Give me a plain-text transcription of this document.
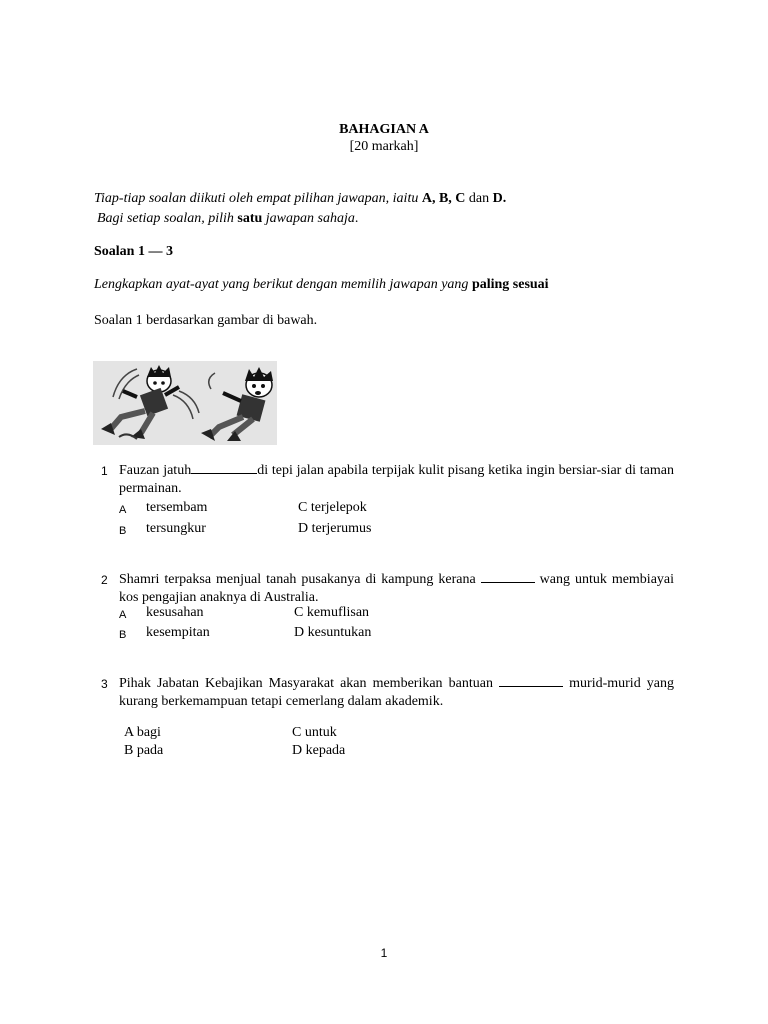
BAHAGIAN A
[20 markah]
Tiap-tiap soalan diikuti oleh empat pilihan jawapan, iaitu A, B, C dan D.
Bagi setiap soalan, pilih satu jawapan sahaja.
Soalan 1 — 3
Lengkapkan ayat-ayat yang berikut dengan memilih jawapan yang paling sesuai
Soalan 1 berdasarkan gambar di bawah.
1 Fauzan jatuh	di tepi jalan apabila terpijak kulit pisang ketika ingin bersiar-siar di taman permainan.
A tersembam
B tersungkur
C terjelepok
D terjerumus
2 Shamri terpaksa menjual tanah pusakanya di kampung kerana	wang untuk membiayai kos pengajian anaknya di Australia.
A kesusahan
B kesempitan
C kemuflisan
D kesuntukan
3 Pihak Jabatan Kebajikan Masyarakat akan memberikan bantuan	murid-murid yang kurang berkemampuan tetapi cemerlang dalam akademik.
A bagi
B pada
C untuk
D kepada
1
